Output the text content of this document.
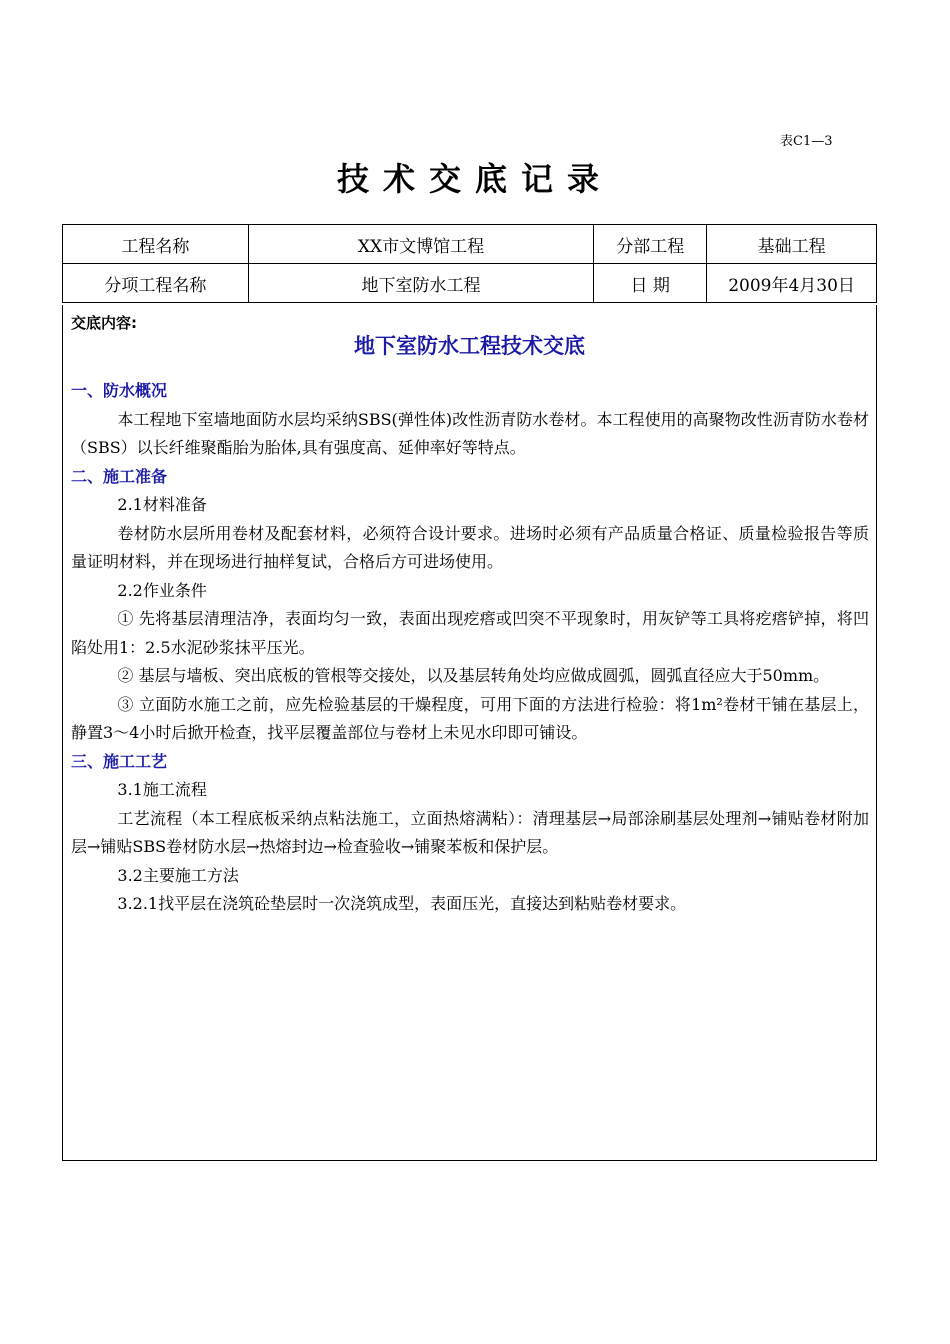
表C1—3
技术交底记录
工程名称	XX市文博馆工程	分部工程	基础工程
分项工程名称	地下室防水工程	日 期	2009年4月30日
交底内容:
地下室防水工程技术交底

一、防水概况

本工程地下室墙地面防水层均采纳SBS(弹性体)改性沥青防水卷材。本工程使用的高聚物改性沥青防水卷材（SBS）以长纤维聚酯胎为胎体,具有强度高、延伸率好等特点。

二、施工准备

2.1材料准备

卷材防水层所用卷材及配套材料，必须符合设计要求。进场时必须有产品质量合格证、质量检验报告等质量证明材料，并在现场进行抽样复试，合格后方可进场使用。

2.2作业条件

① 先将基层清理洁净，表面均匀一致，表面出现疙瘩或凹突不平现象时，用灰铲等工具将疙瘩铲掉，将凹陷处用1：2.5水泥砂浆抹平压光。

② 基层与墙板、突出底板的管根等交接处，以及基层转角处均应做成圆弧，圆弧直径应大于50mm。

③ 立面防水施工之前，应先检验基层的干燥程度，可用下面的方法进行检验：将1m²卷材干铺在基层上，静置3～4小时后掀开检查，找平层覆盖部位与卷材上未见水印即可铺设。

三、施工工艺

3.1施工流程

工艺流程（本工程底板采纳点粘法施工，立面热熔满粘）：清理基层→局部涂刷基层处理剂→铺贴卷材附加层→铺贴SBS卷材防水层→热熔封边→检查验收→铺聚苯板和保护层。

3.2主要施工方法

3.2.1找平层在浇筑砼垫层时一次浇筑成型，表面压光，直接达到粘贴卷材要求。
